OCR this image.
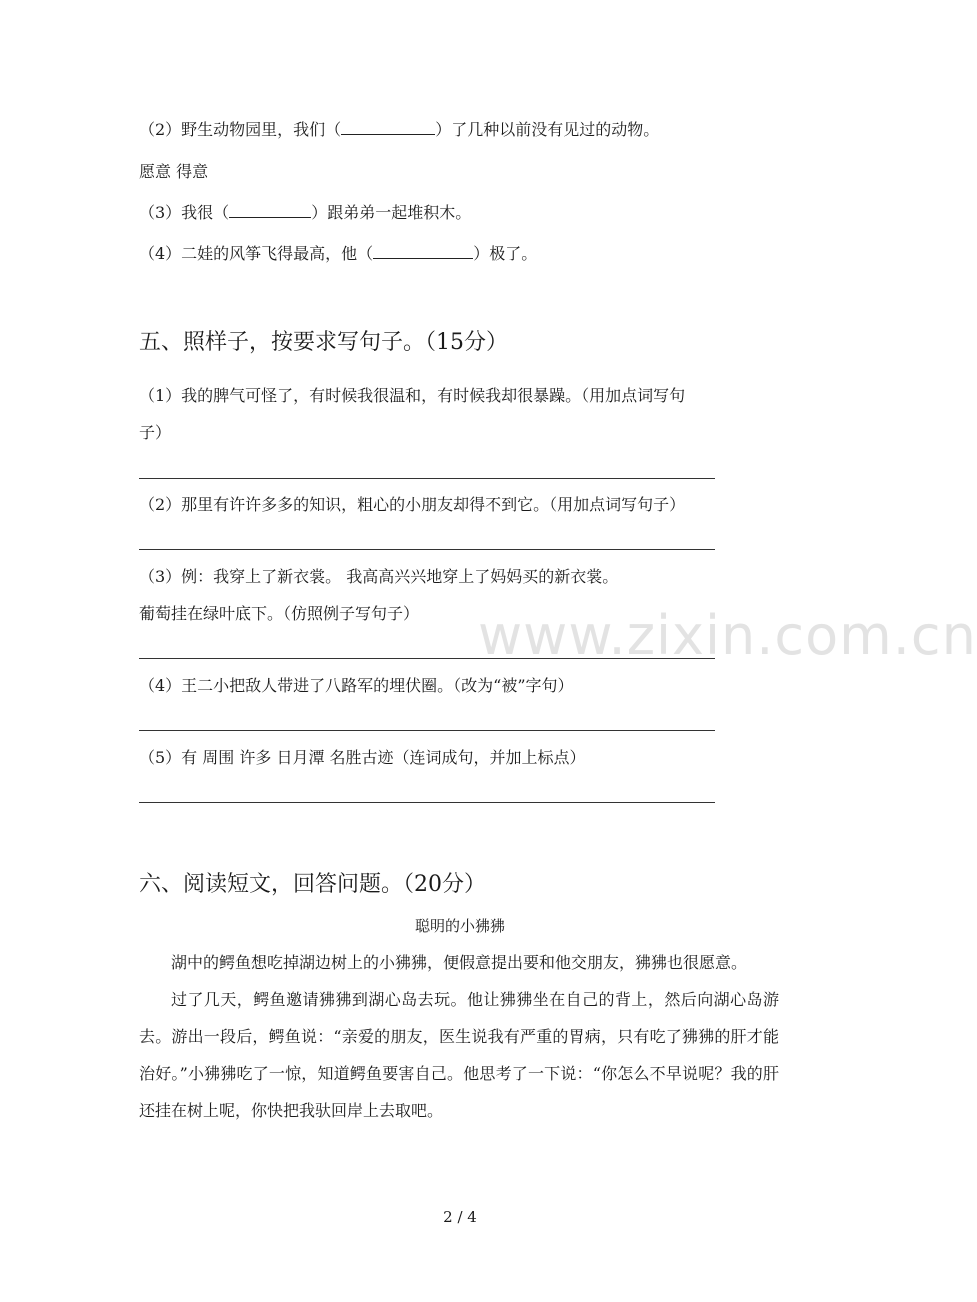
（2）野生动物园里，我们（	）了几种以前没有见过的动物。
愿意 得意
（3）我很（	）跟弟弟一起堆积木。
（4）二娃的风筝飞得最高，他（	）极了。
五、照样子，按要求写句子。（15分）
（1）我的脾气可怪了，有时候我很温和，有时候我却很暴躁。（用加点词写句
子）
（2）那里有许许多多的知识，粗心的小朋友却得不到它。（用加点词写句子）
（3）例：我穿上了新衣裳。 我高高兴兴地穿上了妈妈买的新衣裳。
葡萄挂在绿叶底下。（仿照例子写句子）
（4）王二小把敌人带进了八路军的埋伏圈。（改为“被”字句）
（5）有 周围 许多 日月潭 名胜古迹（连词成句，并加上标点）
六、阅读短文，回答问题。（20分）
聪明的小狒狒

湖中的鳄鱼想吃掉湖边树上的小狒狒，便假意提出要和他交朋友，狒狒也很愿意。

过了几天，鳄鱼邀请狒狒到湖心岛去玩。他让狒狒坐在自己的背上，然后向湖心岛游去。游出一段后，鳄鱼说：“亲爱的朋友，医生说我有严重的胃病，只有吃了狒狒的肝才能治好。”小狒狒吃了一惊，知道鳄鱼要害自己。他思考了一下说：“你怎么不早说呢？我的肝还挂在树上呢，你快把我驮回岸上去取吧。

www.zixin.com.cn
2 / 4
